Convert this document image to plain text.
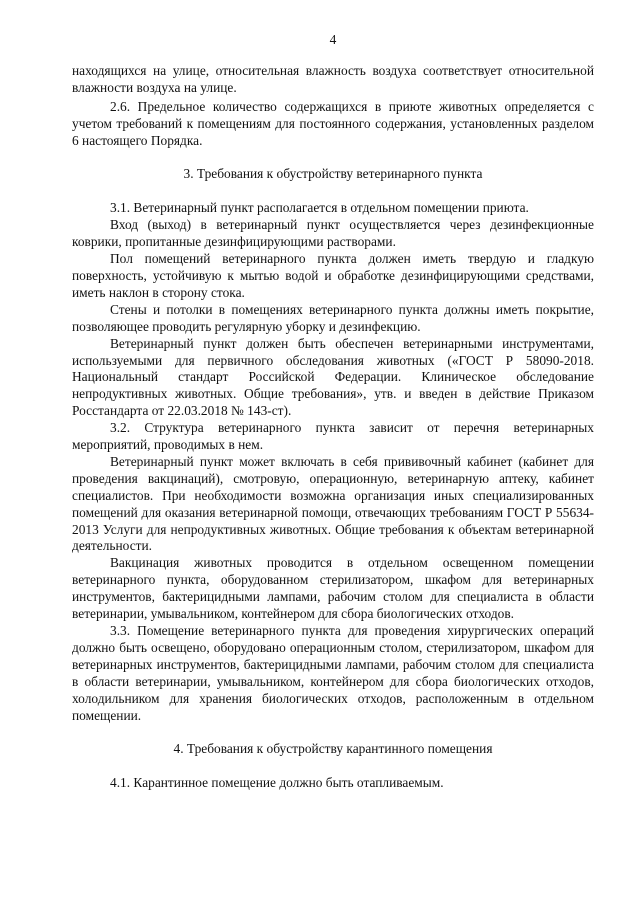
4

находящихся на улице, относительная влажность воздуха соответствует относительной влажности воздуха на улице.

2.6. Предельное количество содержащихся в приюте животных определяется с учетом требований к помещениям для постоянного содержания, установленных разделом 6 настоящего Порядка.

3. Требования к обустройству ветеринарного пункта

3.1. Ветеринарный пункт располагается в отдельном помещении приюта.

Вход (выход) в ветеринарный пункт осуществляется через дезинфекционные коврики, пропитанные дезинфицирующими растворами.

Пол помещений ветеринарного пункта должен иметь твердую и гладкую поверхность, устойчивую к мытью водой и обработке дезинфицирующими средствами, иметь наклон в сторону стока.

Стены и потолки в помещениях ветеринарного пункта должны иметь покрытие, позволяющее проводить регулярную уборку и дезинфекцию.

Ветеринарный пункт должен быть обеспечен ветеринарными инструментами, используемыми для первичного обследования животных («ГОСТ Р 58090-2018. Национальный стандарт Российской Федерации. Клиническое обследование непродуктивных животных. Общие требования», утв. и введен в действие Приказом Росстандарта от 22.03.2018 № 143-ст).

3.2. Структура ветеринарного пункта зависит от перечня ветеринарных мероприятий, проводимых в нем.

Ветеринарный пункт может включать в себя прививочный кабинет (кабинет для проведения вакцинаций), смотровую, операционную, ветеринарную аптеку, кабинет специалистов. При необходимости возможна организация иных специализированных помещений для оказания ветеринарной помощи, отвечающих требованиям ГОСТ Р 55634-2013 Услуги для непродуктивных животных. Общие требования к объектам ветеринарной деятельности.

Вакцинация животных проводится в отдельном освещенном помещении ветеринарного пункта, оборудованном стерилизатором, шкафом для ветеринарных инструментов, бактерицидными лампами, рабочим столом для специалиста в области ветеринарии, умывальником, контейнером для сбора биологических отходов.

3.3. Помещение ветеринарного пункта для проведения хирургических операций должно быть освещено, оборудовано операционным столом, стерилизатором, шкафом для ветеринарных инструментов, бактерицидными лампами, рабочим столом для специалиста в области ветеринарии, умывальником, контейнером для сбора биологических отходов, холодильником для хранения биологических отходов, расположенным в отдельном помещении.

4. Требования к обустройству карантинного помещения

4.1. Карантинное помещение должно быть отапливаемым.
